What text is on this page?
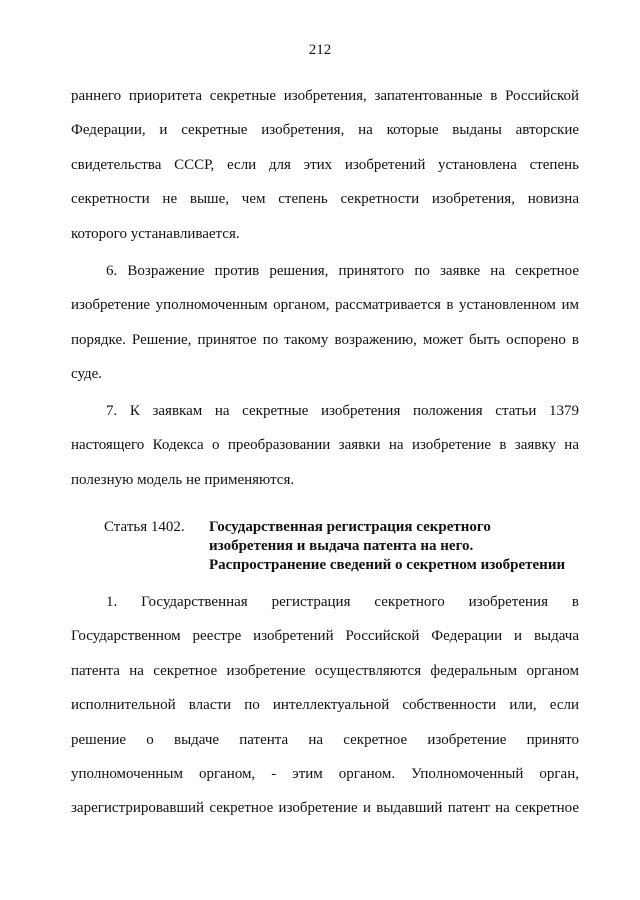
212
раннего приоритета секретные изобретения, запатентованные в Российской
Федерации, и секретные изобретения, на которые выданы авторские
свидетельства СССР, если для этих изобретений установлена степень
секретности не выше, чем степень секретности изобретения, новизна
которого устанавливается.
6. Возражение против решения, принятого по заявке на секретное
изобретение уполномоченным органом, рассматривается в установленном им
порядке. Решение, принятое по такому возражению, может быть оспорено в
суде.
7. К заявкам на секретные изобретения положения статьи 1379
настоящего Кодекса о преобразовании заявки на изобретение в заявку на
полезную модель не применяются.
Статья 1402. Государственная регистрация секретного
изобретения и выдача патента на него.
Распространение сведений о секретном изобретении
1. Государственная регистрация секретного изобретения в
Государственном реестре изобретений Российской Федерации и выдача
патента на секретное изобретение осуществляются федеральным органом
исполнительной власти по интеллектуальной собственности или, если
решение о выдаче патента на секретное изобретение принято
уполномоченным органом, - этим органом. Уполномоченный орган,
зарегистрировавший секретное изобретение и выдавший патент на секретное
